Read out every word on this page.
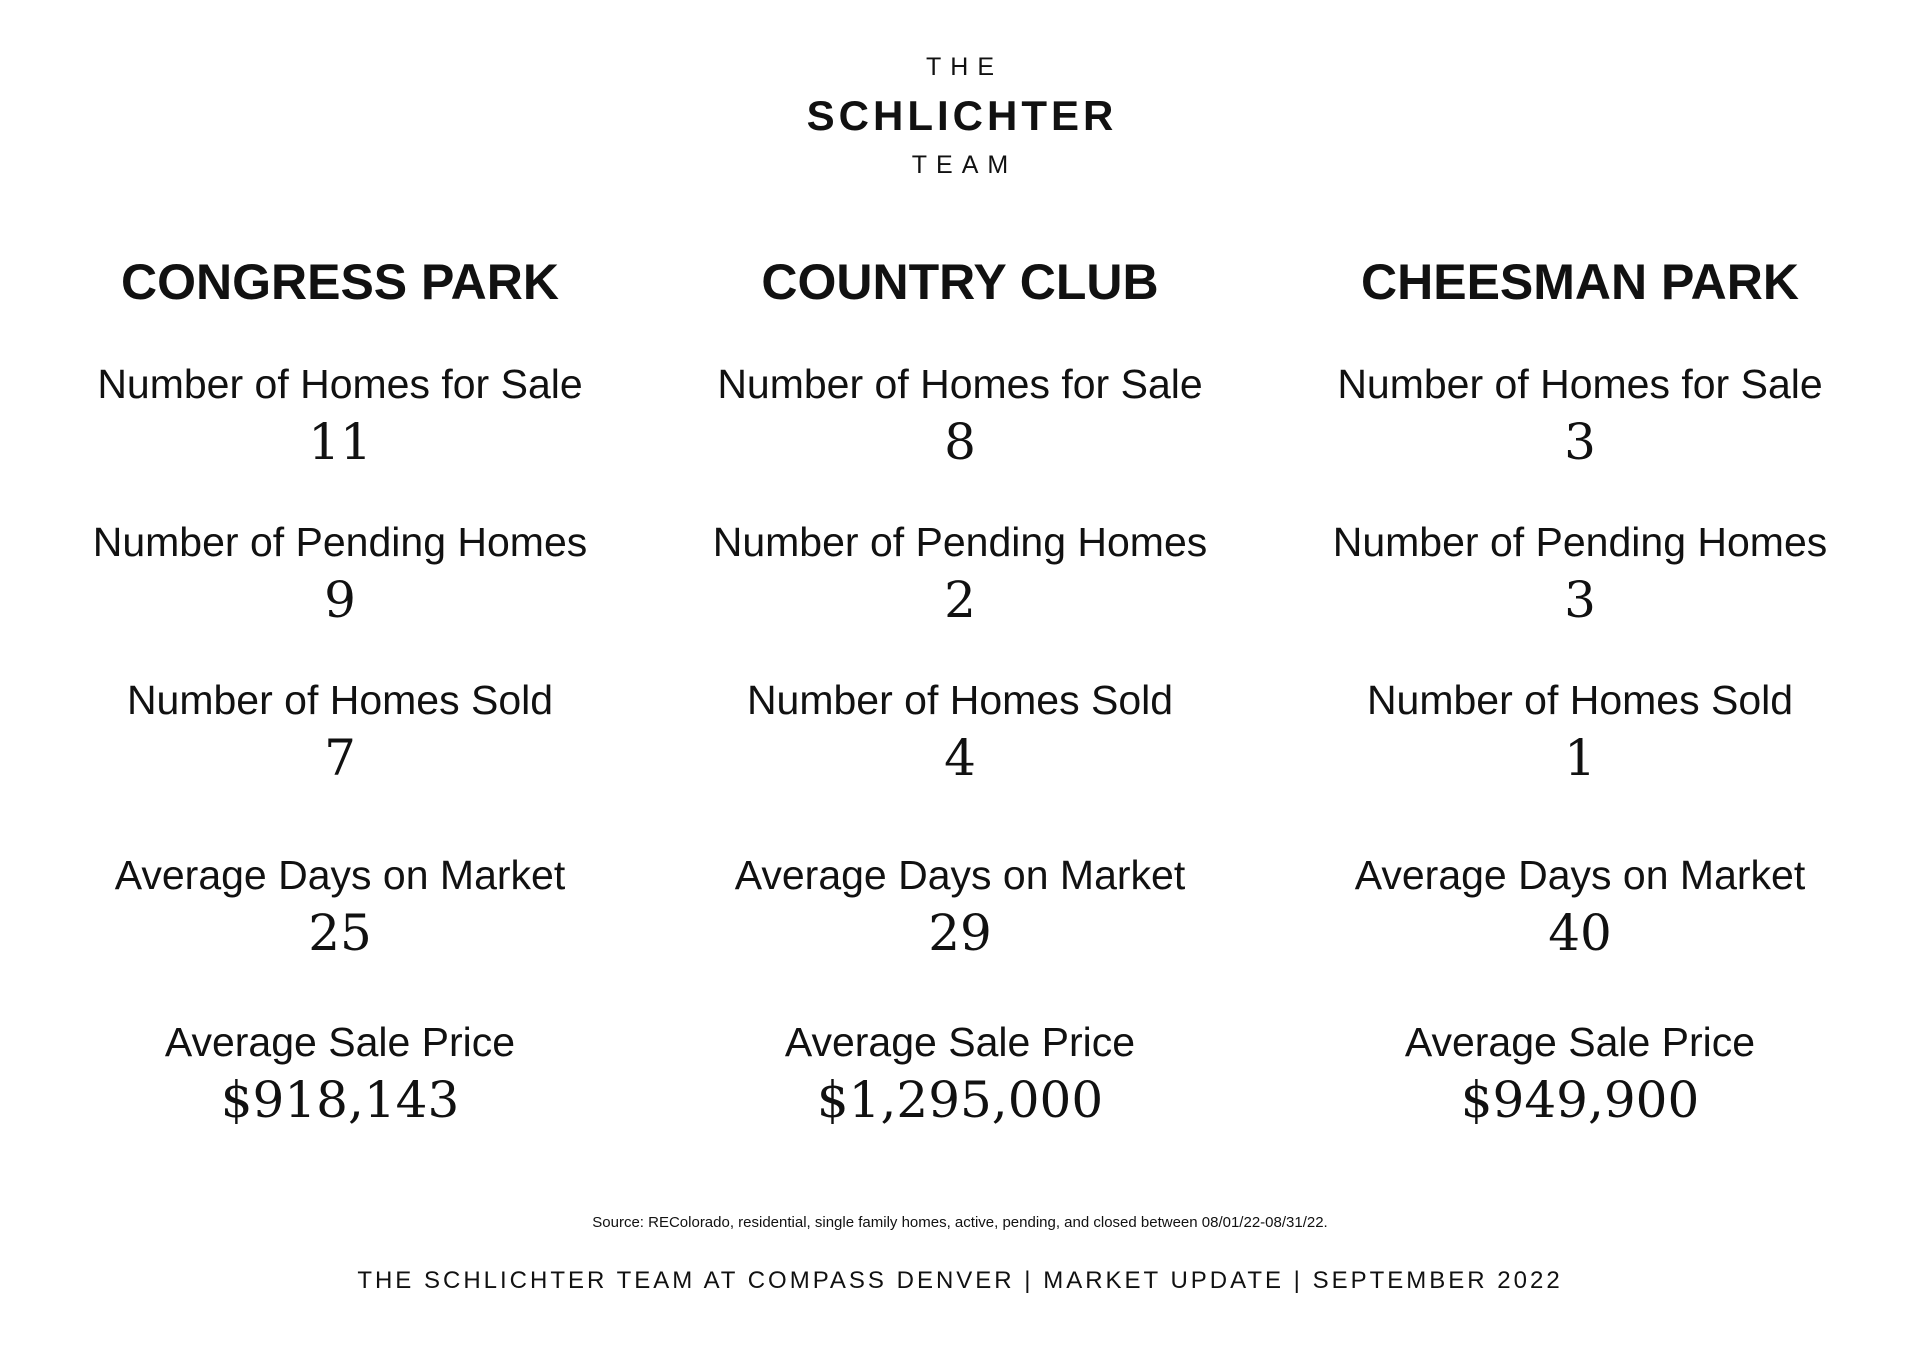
THE
SCHLICHTER
TEAM
CONGRESS PARK
Number of Homes for Sale
11
Number of Pending Homes
9
Number of Homes Sold
7
Average Days on Market
25
Average Sale Price
$918,143
COUNTRY CLUB
Number of Homes for Sale
8
Number of Pending Homes
2
Number of Homes Sold
4
Average Days on Market
29
Average Sale Price
$1,295,000
CHEESMAN PARK
Number of Homes for Sale
3
Number of Pending Homes
3
Number of Homes Sold
1
Average Days on Market
40
Average Sale Price
$949,900
Source: REColorado, residential, single family homes, active, pending, and closed between 08/01/22-08/31/22.
THE SCHLICHTER TEAM AT COMPASS DENVER | MARKET UPDATE | SEPTEMBER 2022
